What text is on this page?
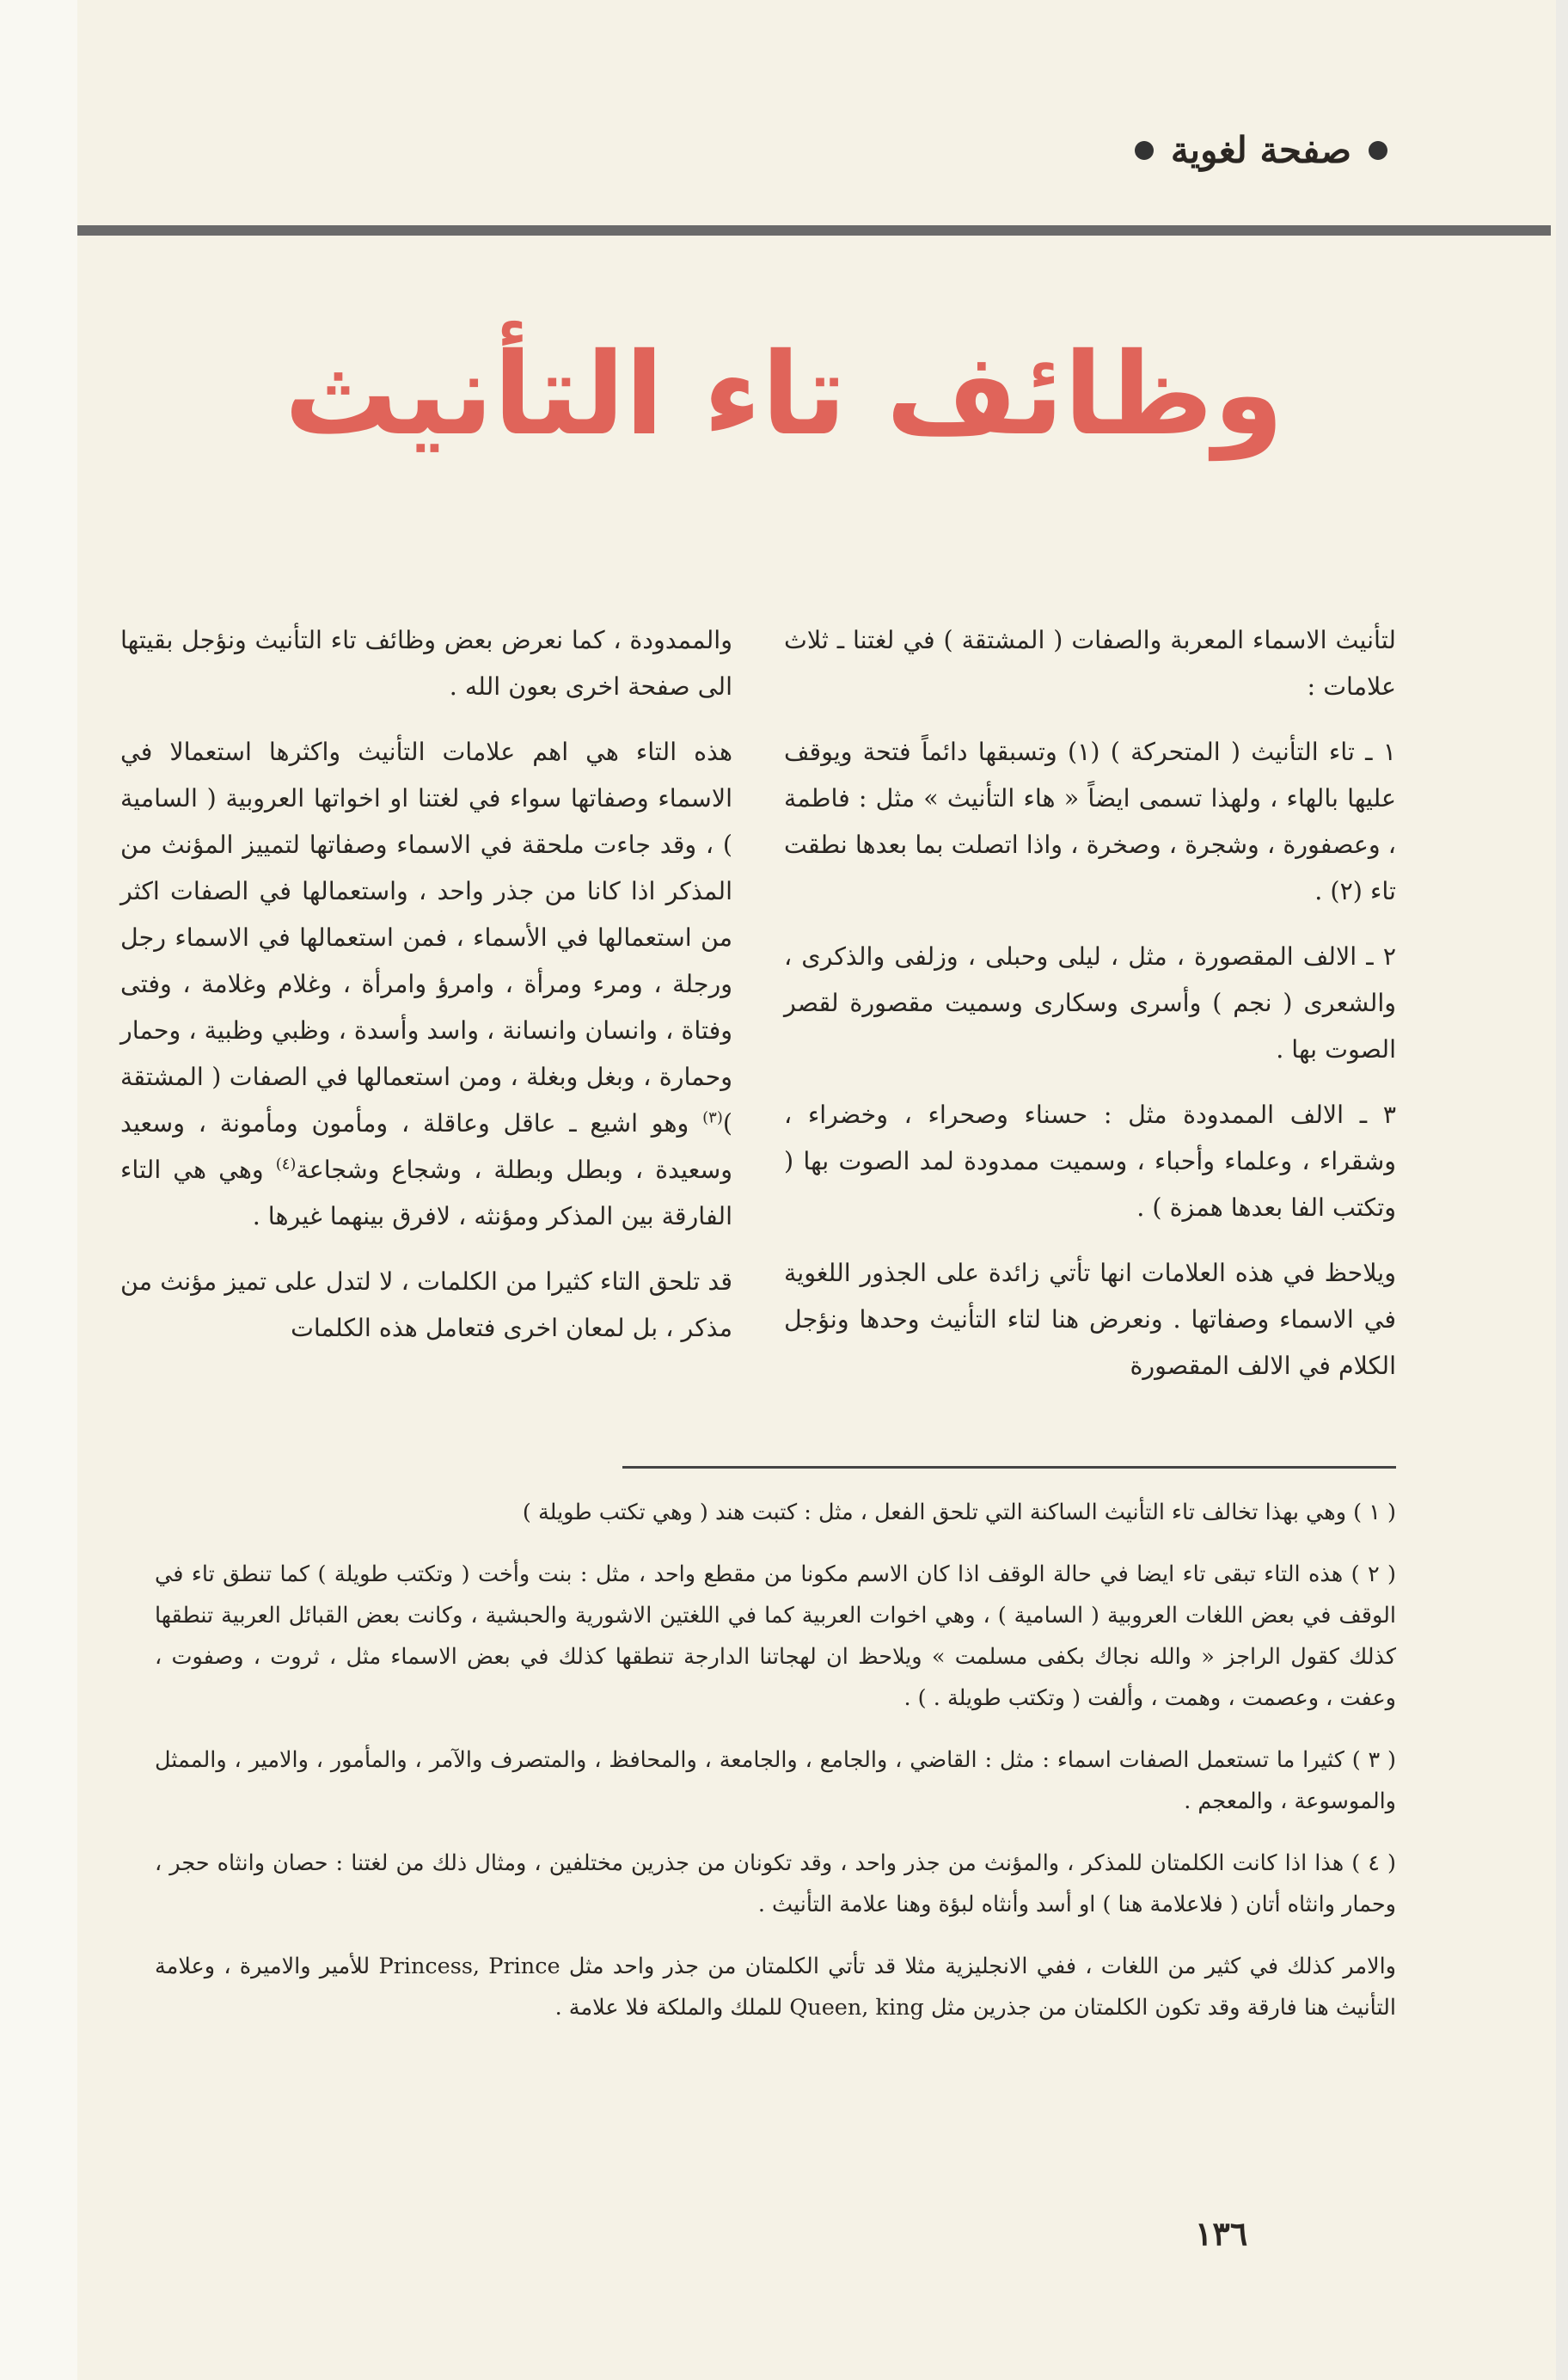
صفحة لغوية
وظائف تاء التأنيث

لتأنيث الاسماء المعربة والصفات ( المشتقة ) في لغتنا ـ ثلاث علامات :

١ ـ تاء التأنيث ( المتحركة ) (١) وتسبقها دائماً فتحة ويوقف عليها بالهاء ، ولهذا تسمى ايضاً « هاء التأنيث » مثل : فاطمة ، وعصفورة ، وشجرة ، وصخرة ، واذا اتصلت بما بعدها نطقت تاء (٢) .

٢ ـ الالف المقصورة ، مثل ، ليلى وحبلى ، وزلفى والذكرى ، والشعرى ( نجم ) وأسرى وسكارى وسميت مقصورة لقصر الصوت بها .

٣ ـ الالف الممدودة مثل : حسناء وصحراء ، وخضراء ، وشقراء ، وعلماء وأحباء ، وسميت ممدودة لمد الصوت بها ( وتكتب الفا بعدها همزة ) .

ويلاحظ في هذه العلامات انها تأتي زائدة على الجذور اللغوية في الاسماء وصفاتها . ونعرض هنا لتاء التأنيث وحدها ونؤجل الكلام في الالف المقصورة

والممدودة ، كما نعرض بعض وظائف تاء التأنيث ونؤجل بقيتها الى صفحة اخرى بعون الله .

هذه التاء هي اهم علامات التأنيث واكثرها استعمالا في الاسماء وصفاتها سواء في لغتنا او اخواتها العروبية ( السامية ) ، وقد جاءت ملحقة في الاسماء وصفاتها لتمييز المؤنث من المذكر اذا كانا من جذر واحد ، واستعمالها في الصفات اكثر من استعمالها في الأسماء ، فمن استعمالها في الاسماء رجل ورجلة ، ومرء ومرأة ، وامرؤ وامرأة ، وغلام وغلامة ، وفتى وفتاة ، وانسان وانسانة ، واسد وأسدة ، وظبي وظبية ، وحمار وحمارة ، وبغل وبغلة ، ومن استعمالها في الصفات ( المشتقة )$^{(٣)}$ وهو اشيع ـ عاقل وعاقلة ، ومأمون ومأمونة ، وسعيد وسعيدة ، وبطل وبطلة ، وشجاع وشجاعة$^{(٤)}$ وهي هي التاء الفارقة بين المذكر ومؤنثه ، لافرق بينهما غيرها .

قد تلحق التاء كثيرا من الكلمات ، لا لتدل على تميز مؤنث من مذكر ، بل لمعان اخرى فتعامل هذه الكلمات

( ١ ) وهي بهذا تخالف تاء التأنيث الساكنة التي تلحق الفعل ، مثل : كتبت هند ( وهي تكتب طويلة )

( ٢ ) هذه التاء تبقى تاء ايضا في حالة الوقف اذا كان الاسم مكونا من مقطع واحد ، مثل : بنت وأخت ( وتكتب طويلة ) كما تنطق تاء في الوقف في بعض اللغات العروبية ( السامية ) ، وهي اخوات العربية كما في اللغتين الاشورية والحبشية ، وكانت بعض القبائل العربية تنطقها كذلك كقول الراجز « والله نجاك بكفى مسلمت » ويلاحظ ان لهجاتنا الدارجة تنطقها كذلك في بعض الاسماء مثل ، ثروت ، وصفوت ، وعفت ، وعصمت ، وهمت ، وألفت ( وتكتب طويلة . ) .

( ٣ ) كثيرا ما تستعمل الصفات اسماء : مثل : القاضي ، والجامع ، والجامعة ، والمحافظ ، والمتصرف والآمر ، والمأمور ، والامير ، والممثل والموسوعة ، والمعجم .

( ٤ ) هذا اذا كانت الكلمتان للمذكر ، والمؤنث من جذر واحد ، وقد تكونان من جذرين مختلفين ، ومثال ذلك من لغتنا : حصان وانثاه حجر ، وحمار وانثاه أتان ( فلاعلامة هنا ) او أسد وأنثاه لبؤة وهنا علامة التأنيث .

والامر كذلك في كثير من اللغات ، ففي الانجليزية مثلا قد تأتي الكلمتان من جذر واحد مثل Princess, Prince للأمير والاميرة ، وعلامة التأنيث هنا فارقة وقد تكون الكلمتان من جذرين مثل Queen, king للملك والملكة فلا علامة .

١٣٦
